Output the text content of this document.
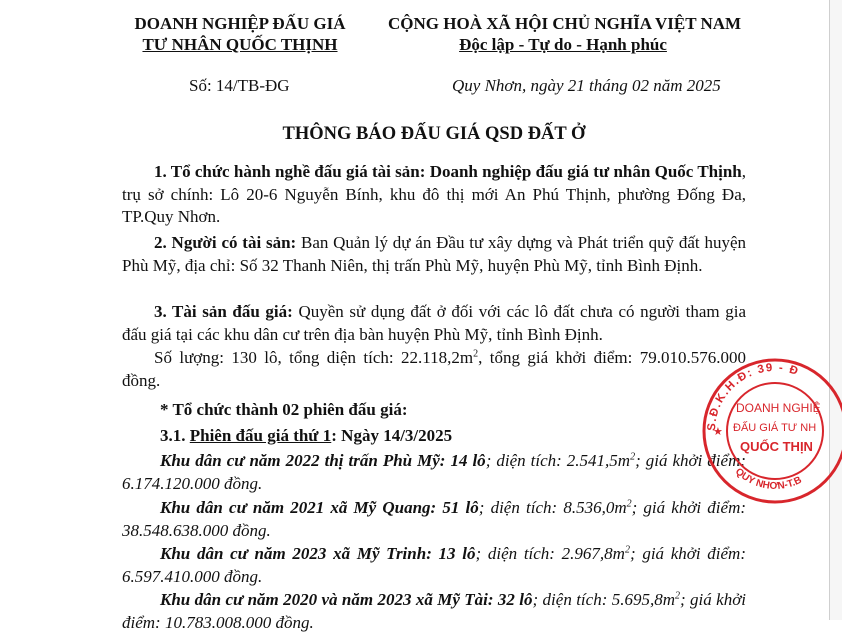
DOANH NGHIỆP ĐẤU GIÁ
TƯ NHÂN QUỐC THỊNH
CỘNG HOÀ XÃ HỘI CHỦ NGHĨA VIỆT NAM
Độc lập - Tự do - Hạnh phúc
Số: 14/TB-ĐG	Quy Nhơn, ngày 21 tháng 02 năm 2025
THÔNG BÁO ĐẤU GIÁ QSD ĐẤT Ở
1. Tổ chức hành nghề đấu giá tài sản: Doanh nghiệp đấu giá tư nhân Quốc Thịnh, trụ sở chính: Lô 20-6 Nguyễn Bính, khu đô thị mới An Phú Thịnh, phường Đống Đa, TP.Quy Nhơn.
2. Người có tài sản: Ban Quản lý dự án Đầu tư xây dựng và Phát triển quỹ đất huyện Phù Mỹ, địa chỉ: Số 32 Thanh Niên, thị trấn Phù Mỹ, huyện Phù Mỹ, tỉnh Bình Định.
3. Tài sản đấu giá: Quyền sử dụng đất ở đối với các lô đất chưa có người tham gia đấu giá tại các khu dân cư trên địa bàn huyện Phù Mỹ, tỉnh Bình Định.
Số lượng: 130 lô, tổng diện tích: $22.118,2m^2$, tổng giá khởi điểm: 79.010.576.000 đồng.
* Tổ chức thành 02 phiên đấu giá:
3.1. Phiên đấu giá thứ 1: Ngày 14/3/2025
Khu dân cư năm 2022 thị trấn Phù Mỹ: 14 lô; diện tích: $2.541,5m^2$; giá khởi điểm: 6.174.120.000 đồng.
Khu dân cư năm 2021 xã Mỹ Quang: 51 lô; diện tích: $8.536,0m^2$; giá khởi điểm: 38.548.638.000 đồng.
Khu dân cư năm 2023 xã Mỹ Trinh: 13 lô; diện tích: $2.967,8m^2$; giá khởi điểm: 6.597.410.000 đồng.
Khu dân cư năm 2020 và năm 2023 xã Mỹ Tài: 32 lô; diện tích: $5.695,8m^2$; giá khởi điểm: 10.783.008.000 đồng.
S.Đ.K.H.Đ: 39 - Đ
QUY NHƠN-T.B
DOANH NGHIỆ
ĐẤU GIÁ TƯ NH
QUỐC THỊN
★
